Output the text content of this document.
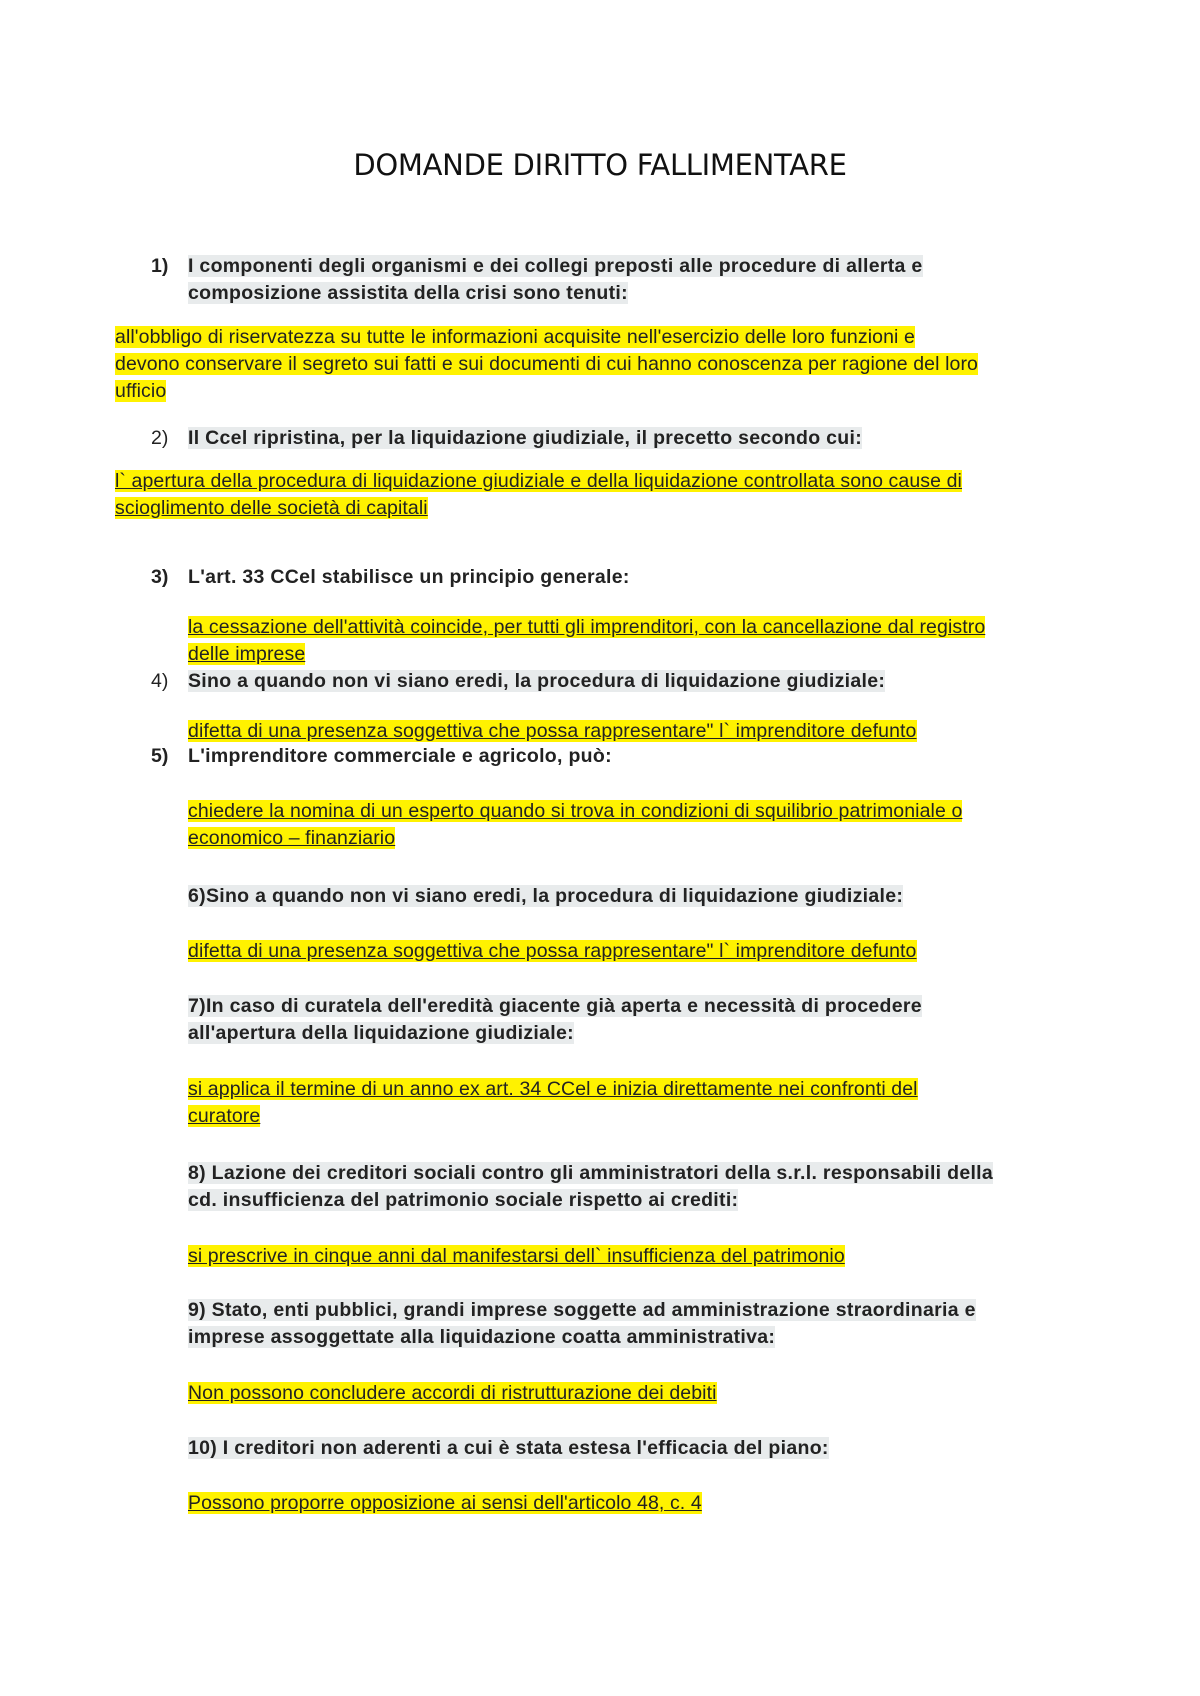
DOMANDE DIRITTO FALLIMENTARE
1) I componenti degli organismi e dei collegi preposti alle procedure di allerta e
composizione assistita della crisi sono tenuti:
all'obbligo di riservatezza su tutte le informazioni acquisite nell'esercizio delle loro funzioni e
devono conservare il segreto sui fatti e sui documenti di cui hanno conoscenza per ragione del loro
ufficio
2) Il Ccel ripristina, per la liquidazione giudiziale, il precetto secondo cui:
l` apertura della procedura di liquidazione giudiziale e della liquidazione controllata sono cause di
scioglimento delle società di capitali
3) L'art. 33 CCel stabilisce un principio generale:
la cessazione dell'attività coincide, per tutti gli imprenditori, con la cancellazione dal registro
delle imprese
4) Sino a quando non vi siano eredi, la procedura di liquidazione giudiziale:
difetta di una presenza soggettiva che possa rappresentare" l` imprenditore defunto
5) L'imprenditore commerciale e agricolo, può:
chiedere la nomina di un esperto quando si trova in condizioni di squilibrio patrimoniale o
economico – finanziario
6)Sino a quando non vi siano eredi, la procedura di liquidazione giudiziale:
difetta di una presenza soggettiva che possa rappresentare" l` imprenditore defunto
7)In caso di curatela dell'eredità giacente già aperta e necessità di procedere
all'apertura della liquidazione giudiziale:
si applica il termine di un anno ex art. 34 CCel e inizia direttamente nei confronti del
curatore
8) Lazione dei creditori sociali contro gli amministratori della s.r.l. responsabili della
cd. insufficienza del patrimonio sociale rispetto ai crediti:
si prescrive in cinque anni dal manifestarsi dell` insufficienza del patrimonio
9) Stato, enti pubblici, grandi imprese soggette ad amministrazione straordinaria e
imprese assoggettate alla liquidazione coatta amministrativa:
Non possono concludere accordi di ristrutturazione dei debiti
10) I creditori non aderenti a cui è stata estesa l'efficacia del piano:
Possono proporre opposizione ai sensi dell'articolo 48, c. 4
